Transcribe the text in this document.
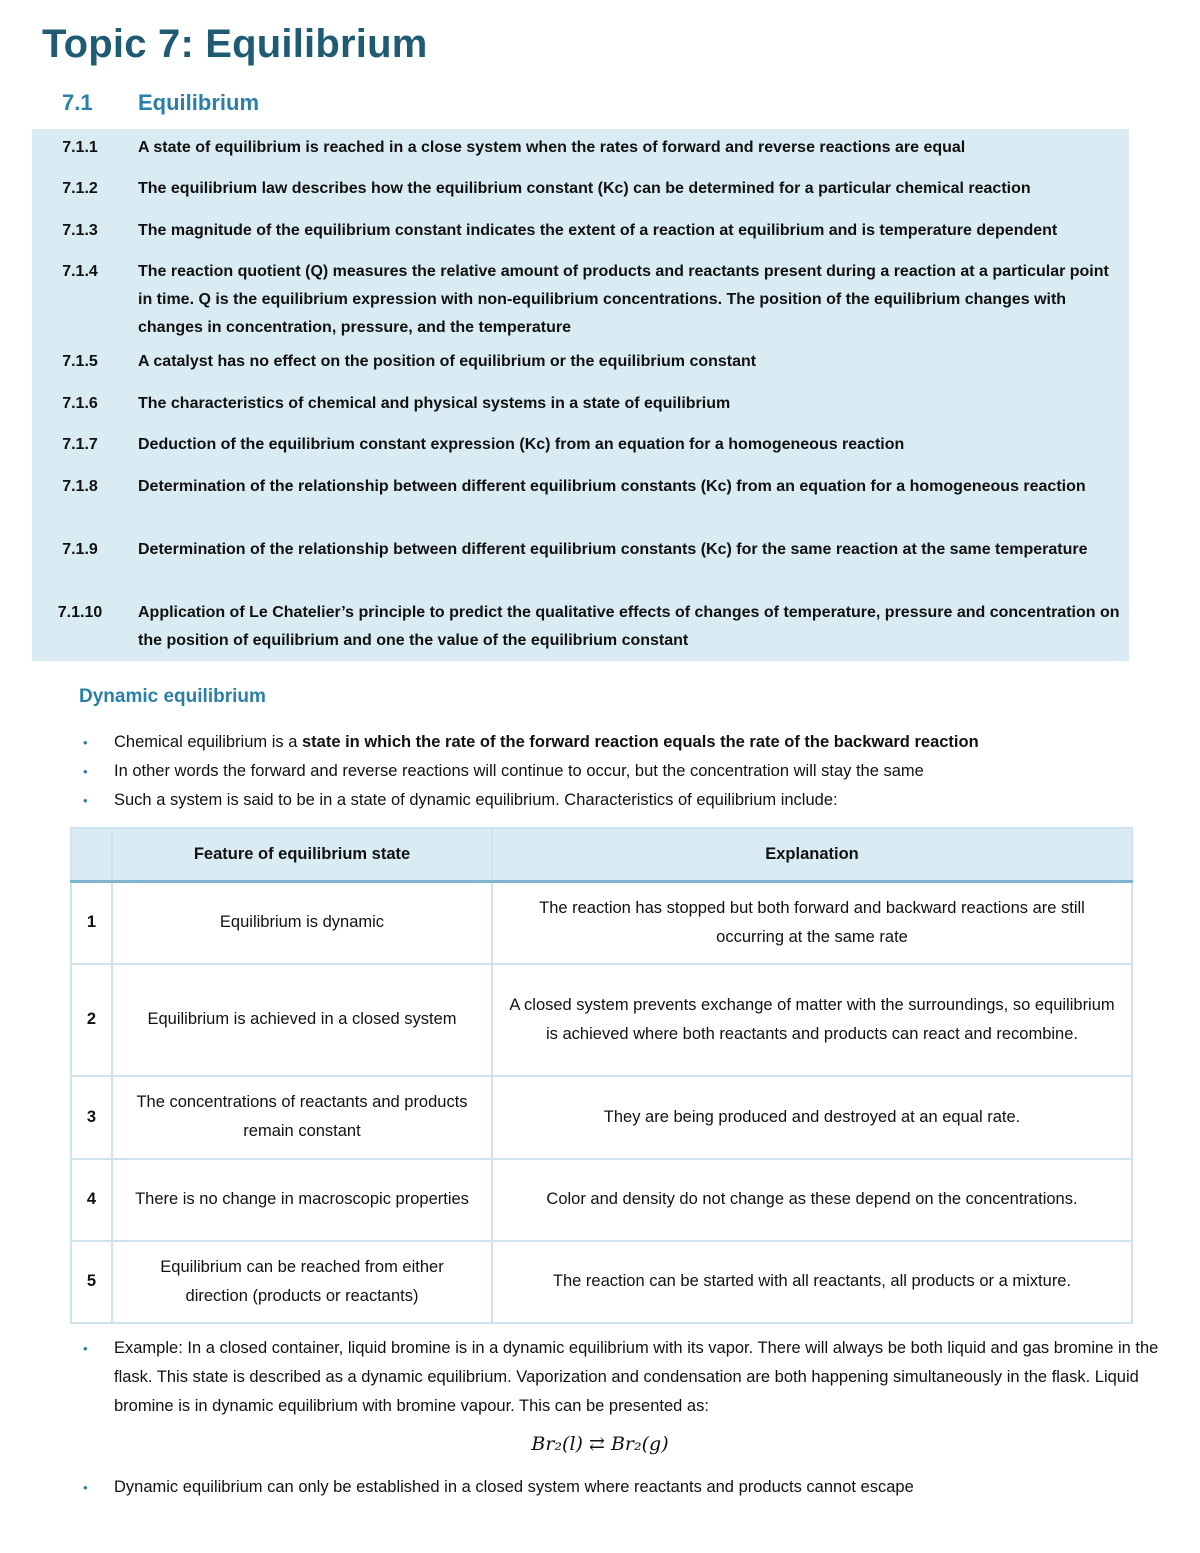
Topic 7: Equilibrium
7.1 Equilibrium
7.1.1	A state of equilibrium is reached in a close system when the rates of forward and reverse reactions are equal
7.1.2	The equilibrium law describes how the equilibrium constant (Kc) can be determined for a particular chemical reaction
7.1.3	The magnitude of the equilibrium constant indicates the extent of a reaction at equilibrium and is temperature dependent
7.1.4	The reaction quotient (Q) measures the relative amount of products and reactants present during a reaction at a particular point in time. Q is the equilibrium expression with non-equilibrium concentrations. The position of the equilibrium changes with changes in concentration, pressure, and the temperature
7.1.5	A catalyst has no effect on the position of equilibrium or the equilibrium constant
7.1.6	The characteristics of chemical and physical systems in a state of equilibrium
7.1.7	Deduction of the equilibrium constant expression (Kc) from an equation for a homogeneous reaction
7.1.8	Determination of the relationship between different equilibrium constants (Kc) from an equation for a homogeneous reaction
7.1.9	Determination of the relationship between different equilibrium constants (Kc) for the same reaction at the same temperature
7.1.10	Application of Le Chatelier’s principle to predict the qualitative effects of changes of temperature, pressure and concentration on the position of equilibrium and one the value of the equilibrium constant
Dynamic equilibrium
• Chemical equilibrium is a state in which the rate of the forward reaction equals the rate of the backward reaction
• In other words the forward and reverse reactions will continue to occur, but the concentration will stay the same
• Such a system is said to be in a state of dynamic equilibrium. Characteristics of equilibrium include:
	Feature of equilibrium state	Explanation
1	Equilibrium is dynamic	The reaction has stopped but both forward and backward reactions are still occurring at the same rate
2	Equilibrium is achieved in a closed system	A closed system prevents exchange of matter with the surroundings, so equilibrium is achieved where both reactants and products can react and recombine.
3	The concentrations of reactants and products remain constant	They are being produced and destroyed at an equal rate.
4	There is no change in macroscopic properties	Color and density do not change as these depend on the concentrations.
5	Equilibrium can be reached from either direction (products or reactants)	The reaction can be started with all reactants, all products or a mixture.
• Example: In a closed container, liquid bromine is in a dynamic equilibrium with its vapor. There will always be both liquid and gas bromine in the flask. This state is described as a dynamic equilibrium. Vaporization and condensation are both happening simultaneously in the flask. Liquid bromine is in dynamic equilibrium with bromine vapour. This can be presented as:
Br₂(l) ⇄ Br₂(g)
• Dynamic equilibrium can only be established in a closed system where reactants and products cannot escape
